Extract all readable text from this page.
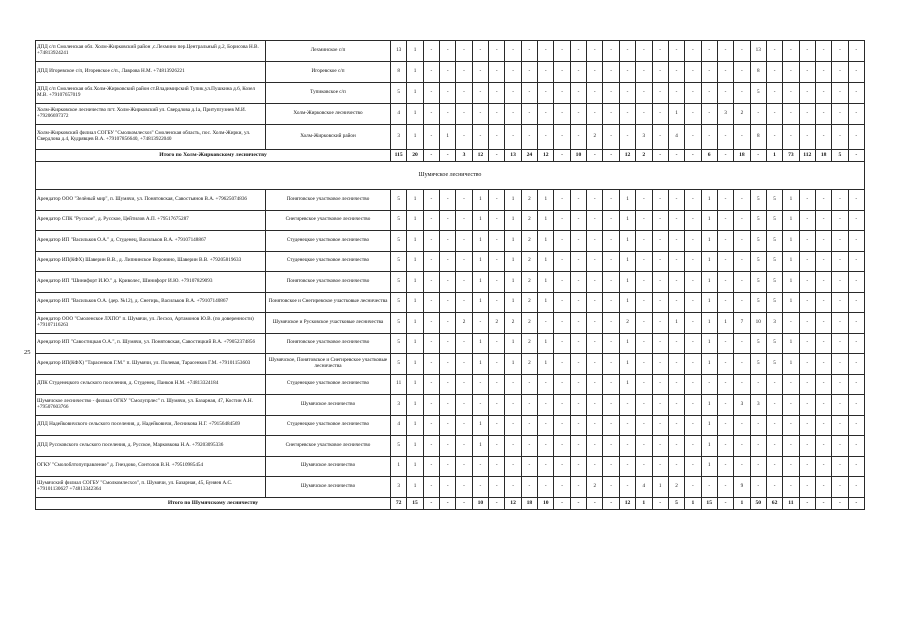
25
ДПД с/п Смоленская обл. Холм-Жирковский район ,с.Лехмино пер.Центральный д.2, Борисова Н.В. +74813924241	Лехминское с/п	13	1	-	-	-	-	-	-	-	-	-	-	-	-	-	-	-	-	-	-	-	-	13	-	-	-	-	-	-
ДПД Игоревское с/п, Игоревское с/п., Лаврова Н.М. +74813926221	Игоревское с/п	8	1	-	-	-	-	-	-	-	-	-	-	-	-	-	-	-	-	-	-	-	-	8	-	-	-	-	-	-
ДПД с/п Смоленская обл.Холм-Жирковский район ст.Владимирский Тупик,ул.Пушкина д.6, Козел М.В. +79107657019	Тупиковское с/п	5	1	-	-	-	-	-	-	-	-	-	-	-	-	-	-	-	-	-	-	-	-	5	-	-	-	-	-	-
Холм-Жирковское лесничество пгт. Холм-Жирковский ул. Свердлова д.1а, Притупгузнев М.И. +79206697372	Холм-Жирковское лесничество	4	1	-	-	-	-	-	-	-	-	-	-	-	-	-	-	-	1	-	-	3	2	-	-	-	-	-	-	-
Холм-Жирковский филиал СОГБУ "Смолкомлесхоз" Смоленская область, пос. Холм-Жирки, ул. Свердлова д.4, Кудрявцев В.А. +79107856640, +74813922040	Холм-Жирковский район	3	1	-	1	-	-	-	-	-	-	-	-	2	-	-	3	-	4	-	-	-	-	8	-	-	-	-	-	-
Итого по Холм-Жирковскому лесничеству		115	20	-	-	3	12	-	13	24	12	-	10	-	-	12	2	-	-	-	6	-	18	-	1	73	112	18	5	-
Шумячское лесничество																														
Арендатор ООО "Зелёный мир", п. Шумячи, ул. Понятовская, Савостьянов В.А. +79625074836	Понятовское участковое лесничество	5	1	-	-	-	1	-	1	2	1	-	-	-	-	1	-	-	-	-	1	-	-	5	5	1	-	-	-	-
Арендатор СПК "Русское", д. Русское, Цейтилов А.П. +79517675287	Снегиревское участковое лесничество	5	1	-	-	-	1	-	1	2	1	-	-	-	-	1	-	-	-	-	1	-	-	5	5	1	-	-	-	-
Арендатор ИП "Васильков О.А." д. Студенец, Васильков В.А. +79107148867	Студенецкое участковое лесничество	5	1	-	-	-	1	-	1	2	1	-	-	-	-	1	-	-	-	-	1	-	-	5	5	1	-	-	-	-
Арендатор ИП(КФХ) Шаверин В.В., д. Липнинское Воронино, Шаверин В.В. +79205819633	Студенецкое участковое лесничество	5	1	-	-	-	1	-	1	2	1	-	-	-	-	1	-	-	-	-	1	-	-	5	5	1	-	-	-	-
Арендатор ИП "Шинифорт И.Ю." д. Криволес, Шинифорт И.Ю. +79107829093	Понятовское участковое лесничество	5	1	-	-	-	1	-	1	2	1	-	-	-	-	1	-	-	-	-	1	-	-	5	5	1	-	-	-	-
Арендатор ИП "Васильков О.А. (дер. №12), д. Снегирь, Васильков В.А. +79107140867	Понятовское и Снегиревское участковые лесничества	5	1	-	-	-	1	-	1	2	1	-	-	-	-	1	-	-	-	-	1	-	-	5	5	1	-	-	-	-
Арендатор ООО "Смоленское ЛХПО" п. Шумячи, ул. Лесхоз, Артамонов Ю.В. (по доверенности) +79107116263	Шумячское и Русковское участковые лесничества	5	1	-	-	2	-	2	2	2	-	-	-	-	-	2	-	-	1	-	1	1	7	10	3	-	-	-	-	-
Арендатор ИП "Савостицкая О.А.", п. Шумячи, ул. Понятовская, Савостицкий В.А. +79052374856	Понятовское участковое лесничество	5	1	-	-	-	1	-	1	2	1	-	-	-	-	1	-	-	-	-	1	-	-	5	5	1	-	-	-	-
Арендатор ИП(КФХ) "Тарасенков Г.М." п. Шумячи, ул. Полевая, Тарасенков Г.М. +79101153603	Шумячское, Понятовское и Снегиревское участковые лесничества	5	1	-	-	-	1	-	1	2	1	-	-	-	-	1	-	-	-	-	1	-	-	5	5	1	-	-	-	-
ДПК Студенецкого сельского поселения, д. Студенец, Панков Н.М. +74813324184	Студенецкое участковое лесничество	11	1	-	-	-	-	-	-	-	-	-	-	-	-	1	-	-	-	-	-	-	-	-	-	-	-	-	-	-
Шумячское лесничество - филиал ОГКУ "Смолупрлес" п. Шумячи, ул. Базарная, 47, Костин А.Н. +79507603766	Шумячское лесничество	3	1	-	-	-	-	-	-	-	-	-	-	-	-	-	-	-	-	-	1	-	3	3	-	-	-	-	-	-
ДПД Надейковичского сельского поселения, д. Надейковичи, Лесникова Н.Г. +79156484569	Студенецкое участковое лесничество	4	1	-	-	-	1	-	-	-	-	-	-	-	-	-	-	-	-	-	1	-	-	-	-	-	-	-	-	-
ДПД Руссковского сельского поселения, д. Русское, Марковкова Н.А. +79203095336	Снегиревское участковое лесничество	5	1	-	-	-	1	-	-	-	-	-	-	-	-	-	-	-	-	-	1	-	-	-	-	-	-	-	-	-
ОГКУ "Смолоблтопуправление" д. Гнездово, Сонтолов В.Н. +79510985454	Шумячское лесничество	1	1	-	-	-	-	-	-	-	-	-	-	-	-	-	-	-	-	-	1	-	-	-	-	-	-	-	-	-
Шумячский филиал СОГБУ "Смолкомлесхоз", п. Шумячи, ул. Базарная, 45, Буняев А.С. +79101130627 +74813342364	Шумячское лесничество	3	1	-	-	-	-	-	-	-	-	-	-	2	-	-	4	1	2	-	-	-	9	-	-	-	-	-	-	-
Итого по Шумячскому лесничеству		72	15	-	-	-	10	-	12	18	10	-	-	-	-	12	1	-	5	1	15	-	1	50	62	11	-	-	-	-
